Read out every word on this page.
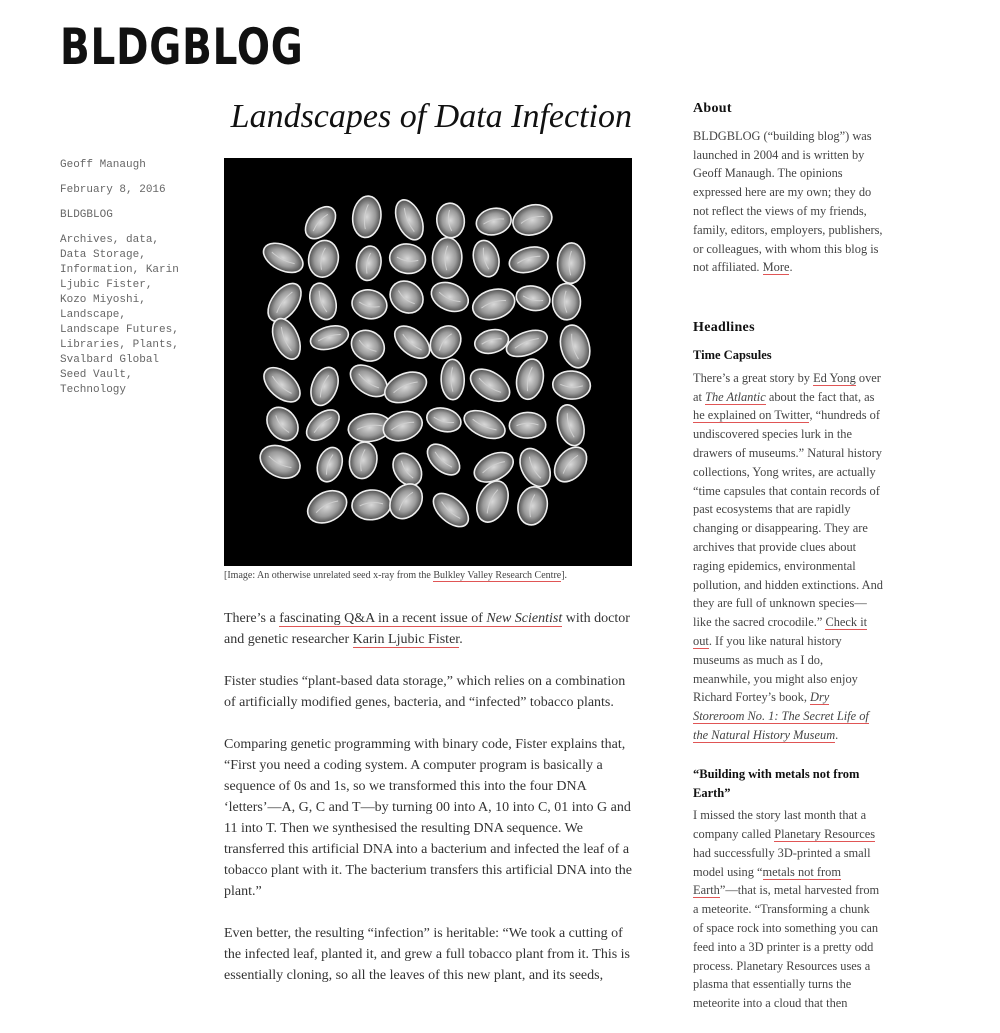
BLDGBLOG
Landscapes of Data Infection
Geoff Manaugh
February 8, 2016
BLDGBLOG
Archives, data, Data Storage, Information, Karin Ljubic Fister, Kozo Miyoshi, Landscape, Landscape Futures, Libraries, Plants, Svalbard Global Seed Vault, Technology
[Image: An otherwise unrelated seed x-ray from the Bulkley Valley Research Centre].

There’s a fascinating Q&A in a recent issue of New Scientist with doctor and genetic researcher Karin Ljubic Fister.

Fister studies “plant-based data storage,” which relies on a combination of artificially modified genes, bacteria, and “infected” tobacco plants.

Comparing genetic programming with binary code, Fister explains that, “First you need a coding system. A computer program is basically a sequence of 0s and 1s, so we transformed this into the four DNA ‘letters’—A, G, C and T—by turning 00 into A, 10 into C, 01 into G and 11 into T. Then we synthesised the resulting DNA sequence. We transferred this artificial DNA into a bacterium and infected the leaf of a tobacco plant with it. The bacterium transfers this artificial DNA into the plant.”

Even better, the resulting “infection” is heritable: “We took a cutting of the infected leaf, planted it, and grew a full tobacco plant from it. This is essentially cloning, so all the leaves of this new plant, and its seeds,

About

BLDGBLOG (“building blog”) was launched in 2004 and is written by Geoff Manaugh. The opinions expressed here are my own; they do not reflect the views of my friends, family, editors, employers, publishers, or colleagues, with whom this blog is not affiliated. More.

Headlines
Time Capsules

There’s a great story by Ed Yong over at The Atlantic about the fact that, as he explained on Twitter, “hundreds of undiscovered species lurk in the drawers of museums.” Natural history collections, Yong writes, are actually “time capsules that contain records of past ecosystems that are rapidly changing or disappearing. They are archives that provide clues about raging epidemics, environmental pollution, and hidden extinctions. And they are full of unknown species—like the sacred crocodile.” Check it out. If you like natural history museums as much as I do, meanwhile, you might also enjoy Richard Fortey’s book, Dry Storeroom No. 1: The Secret Life of the Natural History Museum.

“Building with metals not from Earth”

I missed the story last month that a company called Planetary Resources had successfully 3D-printed a small model using “metals not from Earth”—that is, metal harvested from a meteorite. “Transforming a chunk of space rock into something you can feed into a 3D printer is a pretty odd process. Planetary Resources uses a plasma that essentially turns the meteorite into a cloud that then
